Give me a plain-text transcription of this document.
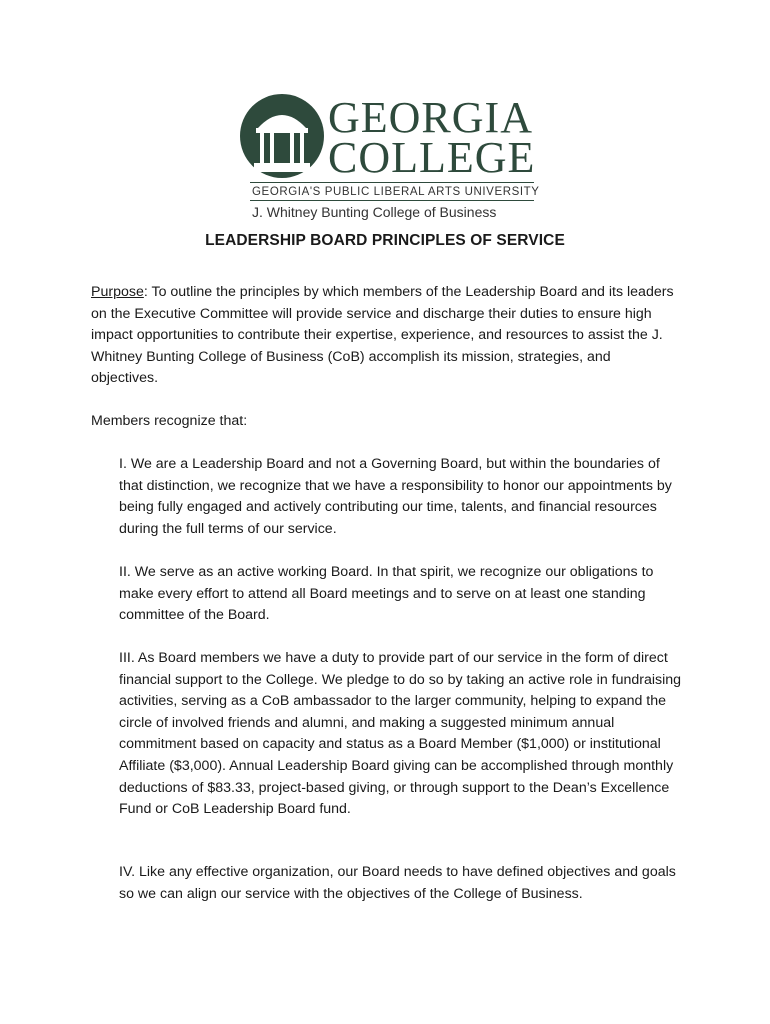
GEORGIA
COLLEGE
GEORGIA'S PUBLIC LIBERAL ARTS UNIVERSITY
J. Whitney Bunting College of Business
LEADERSHIP BOARD PRINCIPLES OF SERVICE

Purpose: To outline the principles by which members of the Leadership Board and its leaders on the Executive Committee will provide service and discharge their duties to ensure high impact opportunities to contribute their expertise, experience, and resources to assist the J. Whitney Bunting College of Business (CoB) accomplish its mission, strategies, and objectives.

Members recognize that:

I. We are a Leadership Board and not a Governing Board, but within the boundaries of that distinction, we recognize that we have a responsibility to honor our appointments by being fully engaged and actively contributing our time, talents, and financial resources during the full terms of our service.

II. We serve as an active working Board. In that spirit, we recognize our obligations to make every effort to attend all Board meetings and to serve on at least one standing committee of the Board.

III. As Board members we have a duty to provide part of our service in the form of direct financial support to the College. We pledge to do so by taking an active role in fundraising activities, serving as a CoB ambassador to the larger community, helping to expand the circle of involved friends and alumni, and making a suggested minimum annual commitment based on capacity and status as a Board Member ($1,000) or institutional Affiliate ($3,000). Annual Leadership Board giving can be accomplished through monthly deductions of $83.33, project-based giving, or through support to the Dean’s Excellence Fund or CoB Leadership Board fund.

IV. Like any effective organization, our Board needs to have defined objectives and goals so we can align our service with the objectives of the College of Business.
